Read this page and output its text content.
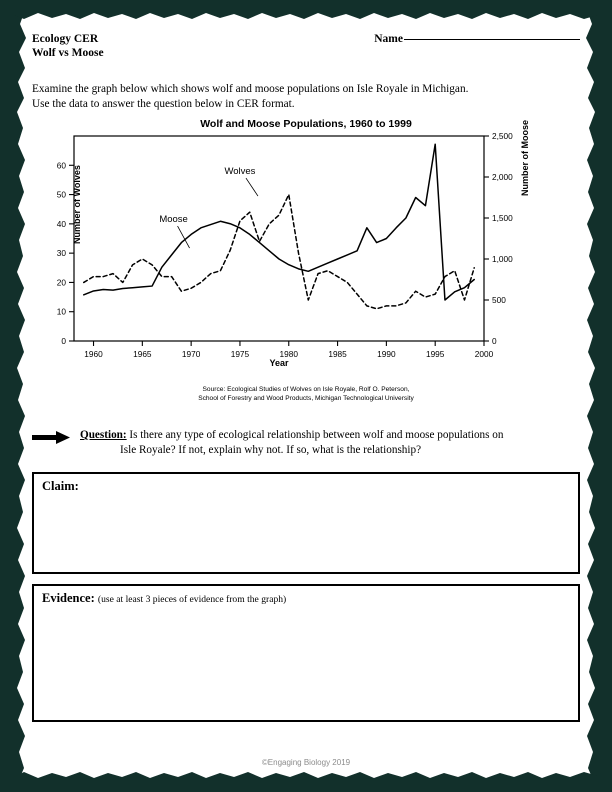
Ecology CER
Wolf vs Moose
Name
Examine the graph below which shows wolf and moose populations on Isle Royale in Michigan.
Use the data to answer the question below in CER format.
Wolf and Moose Populations, 1960 to 1999
Number of Wolves
Number of Moose
Year
1960	1965	1970	1975	1980	1985	1990	1995	2000
0
10
20
30
40
50
60
0
500
1,000
1,500
2,000
2,500
Moose
Wolves
Source: Ecological Studies of Wolves on Isle Royale, Rolf O. Peterson,
School of Forestry and Wood Products, Michigan Technological University
Question: Is there any type of ecological relationship between wolf and moose populations on
Isle Royale? If not, explain why not. If so, what is the relationship?
Claim:
Evidence: (use at least 3 pieces of evidence from the graph)
©Engaging Biology 2019
